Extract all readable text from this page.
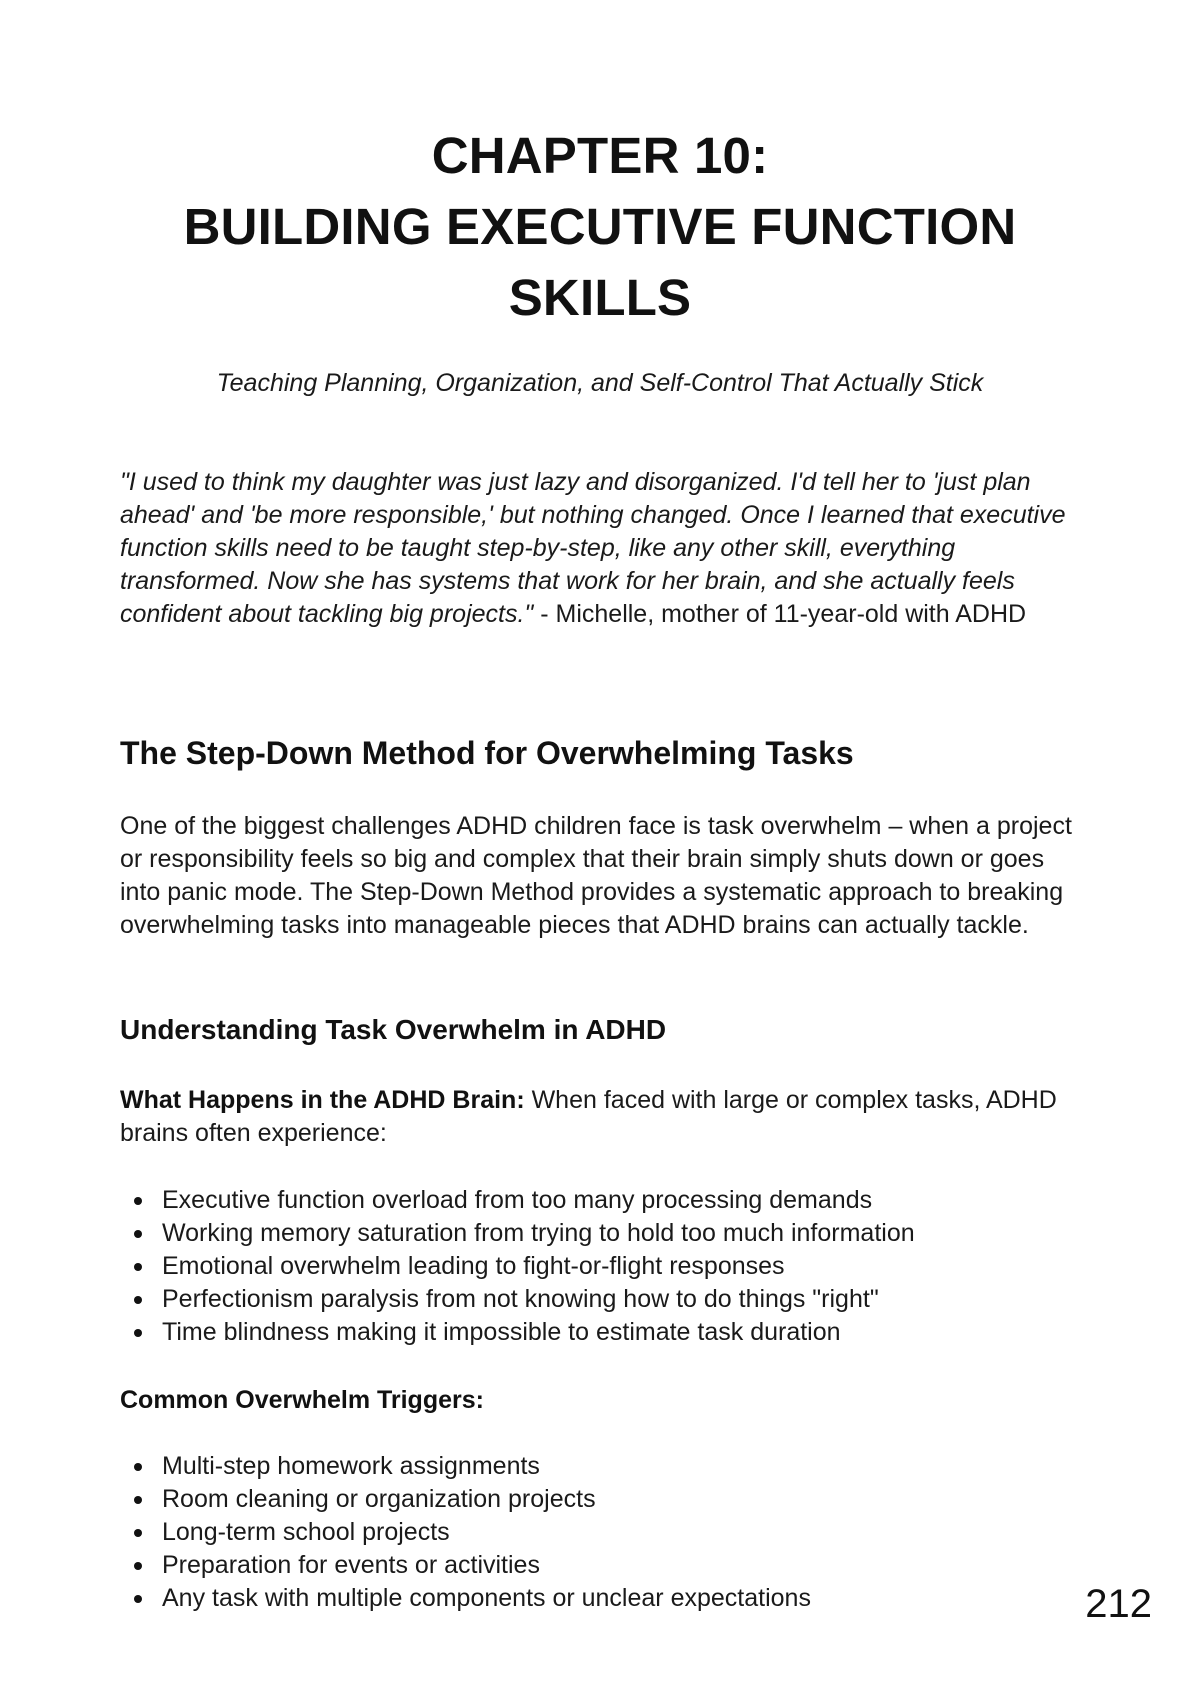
CHAPTER 10:
BUILDING EXECUTIVE FUNCTION
SKILLS
Teaching Planning, Organization, and Self-Control That Actually Stick

"I used to think my daughter was just lazy and disorganized. I'd tell her to 'just plan ahead' and 'be more responsible,' but nothing changed. Once I learned that executive function skills need to be taught step-by-step, like any other skill, everything transformed. Now she has systems that work for her brain, and she actually feels confident about tackling big projects." - Michelle, mother of 11-year-old with ADHD

The Step-Down Method for Overwhelming Tasks

One of the biggest challenges ADHD children face is task overwhelm – when a project or responsibility feels so big and complex that their brain simply shuts down or goes into panic mode. The Step-Down Method provides a systematic approach to breaking overwhelming tasks into manageable pieces that ADHD brains can actually tackle.

Understanding Task Overwhelm in ADHD

What Happens in the ADHD Brain: When faced with large or complex tasks, ADHD brains often experience:

Executive function overload from too many processing demands
Working memory saturation from trying to hold too much information
Emotional overwhelm leading to fight-or-flight responses
Perfectionism paralysis from not knowing how to do things "right"
Time blindness making it impossible to estimate task duration

Common Overwhelm Triggers:

Multi-step homework assignments
Room cleaning or organization projects
Long-term school projects
Preparation for events or activities
Any task with multiple components or unclear expectations	212
